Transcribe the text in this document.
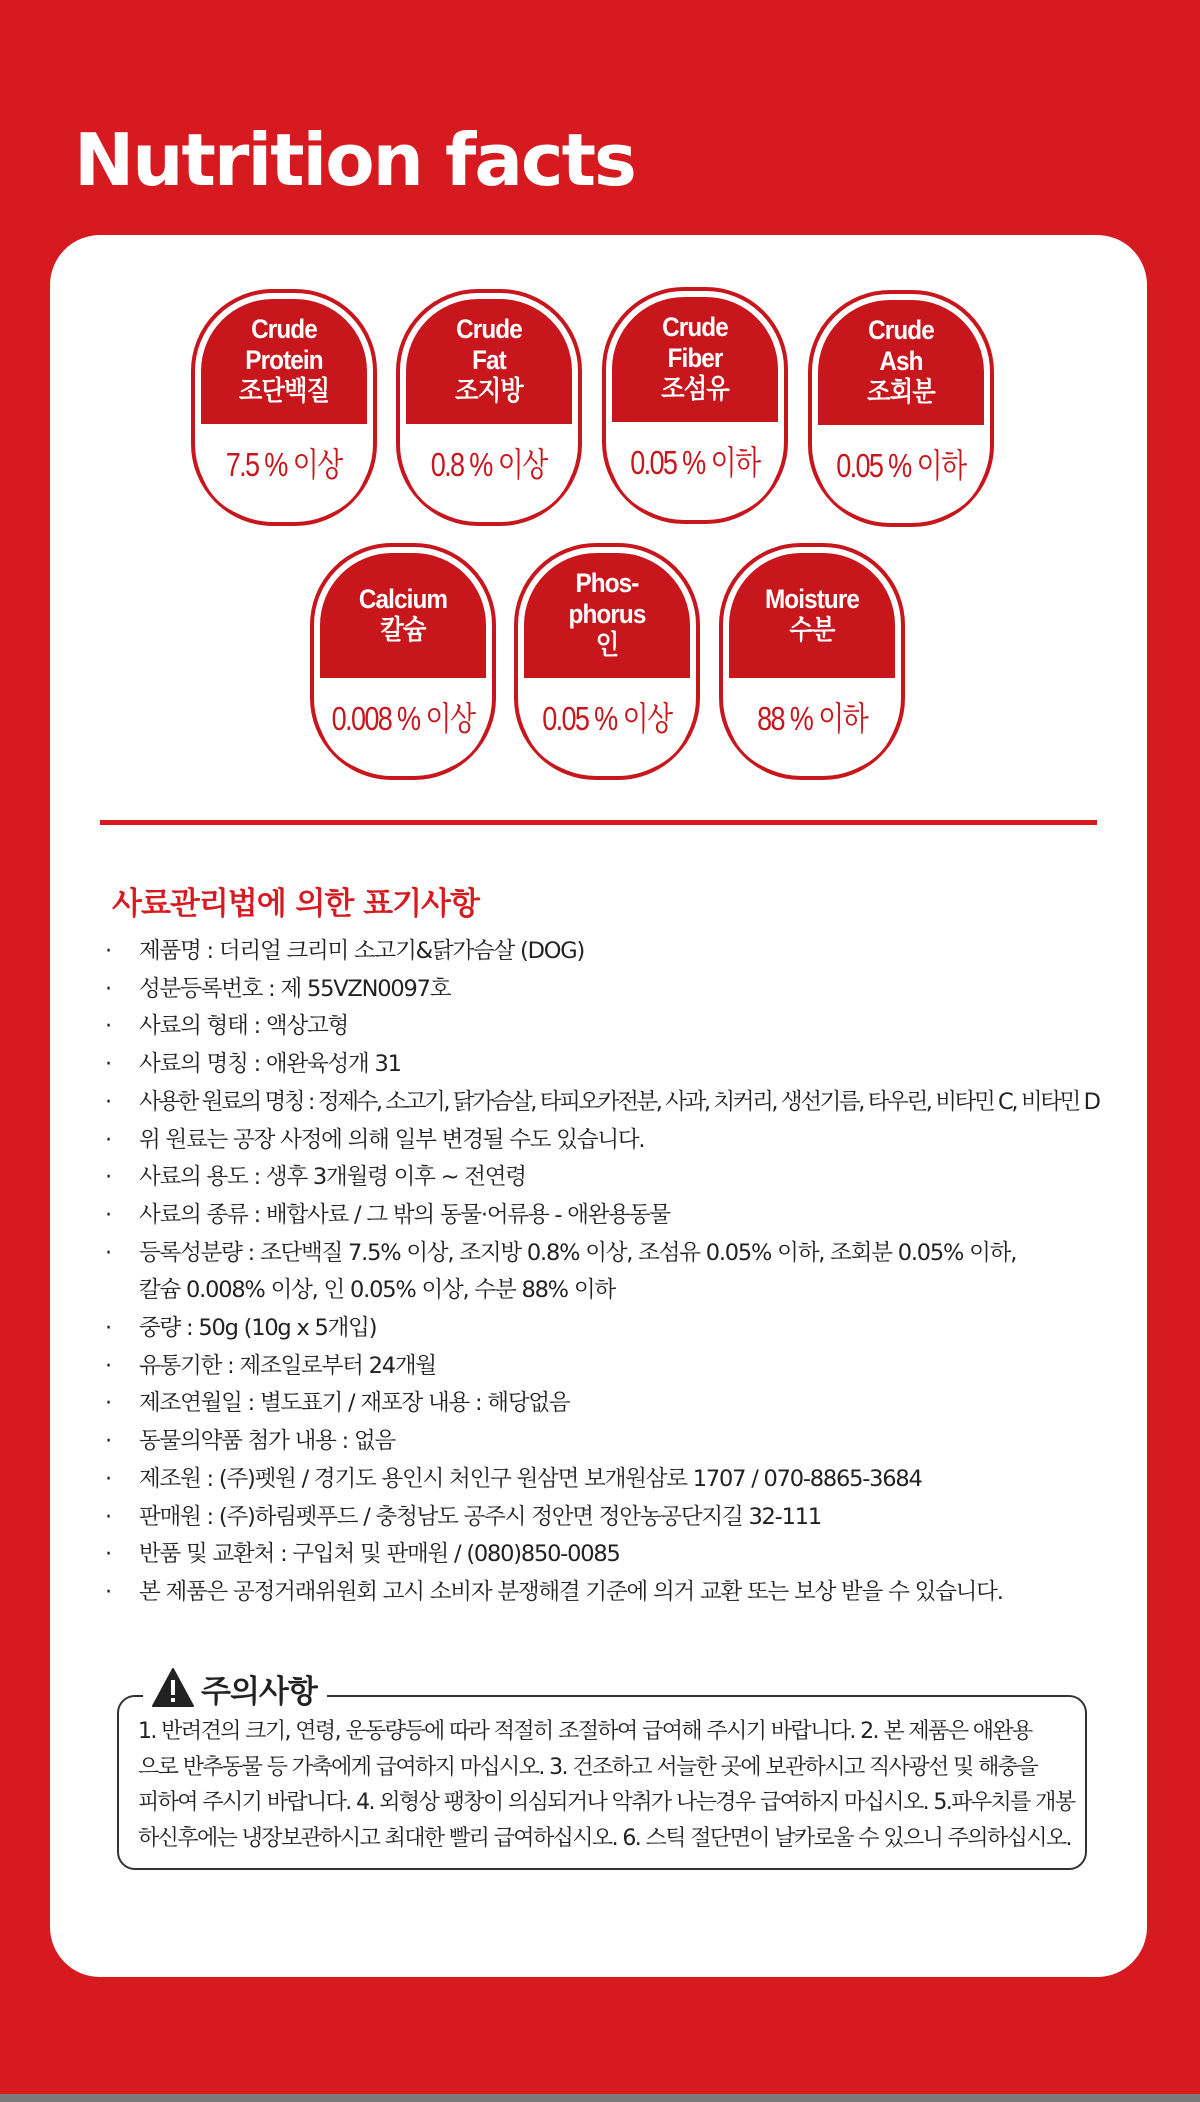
Nutrition facts
Crude
Protein
조단백질
7.5 % 이상
Crude
Fat
조지방
0.8 % 이상
Crude
Fiber
조섬유
0.05 % 이하
Crude
Ash
조회분
0.05 % 이하
Calcium
칼슘
0.008 % 이상
Phos-
phorus
인
0.05 % 이상
Moisture
수분
88 % 이하
사료관리법에 의한 표기사항
· 제품명 : 더리얼 크리미 소고기&닭가슴살 (DOG)
· 성분등록번호 : 제 55VZN0097호
· 사료의 형태 : 액상고형
· 사료의 명칭 : 애완육성개 31
· 사용한 원료의 명칭 : 정제수, 소고기, 닭가슴살, 타피오카전분, 사과, 치커리, 생선기름, 타우린, 비타민 C, 비타민 D
· 위 원료는 공장 사정에 의해 일부 변경될 수도 있습니다.
· 사료의 용도 : 생후 3개월령 이후 ~ 전연령
· 사료의 종류 : 배합사료 / 그 밖의 동물·어류용 - 애완용동물
· 등록성분량 : 조단백질 7.5% 이상, 조지방 0.8% 이상, 조섬유 0.05% 이하, 조회분 0.05% 이하,
칼슘 0.008% 이상, 인 0.05% 이상, 수분 88% 이하
· 중량 : 50g (10g x 5개입)
· 유통기한 : 제조일로부터 24개월
· 제조연월일 : 별도표기 / 재포장 내용 : 해당없음
· 동물의약품 첨가 내용 : 없음
· 제조원 : (주)펫원 / 경기도 용인시 처인구 원삼면 보개원삼로 1707 / 070-8865-3684
· 판매원 : (주)하림펫푸드 / 충청남도 공주시 정안면 정안농공단지길 32-111
· 반품 및 교환처 : 구입처 및 판매원 / (080)850-0085
· 본 제품은 공정거래위원회 고시 소비자 분쟁해결 기준에 의거 교환 또는 보상 받을 수 있습니다.
주의사항
1. 반려견의 크기, 연령, 운동량등에 따라 적절히 조절하여 급여해 주시기 바랍니다. 2. 본 제품은 애완용
으로 반추동물 등 가축에게 급여하지 마십시오. 3. 건조하고 서늘한 곳에 보관하시고 직사광선 및 해충을
피하여 주시기 바랍니다. 4. 외형상 팽창이 의심되거나 악취가 나는경우 급여하지 마십시오. 5.파우치를 개봉
하신후에는 냉장보관하시고 최대한 빨리 급여하십시오. 6. 스틱 절단면이 날카로울 수 있으니 주의하십시오.
